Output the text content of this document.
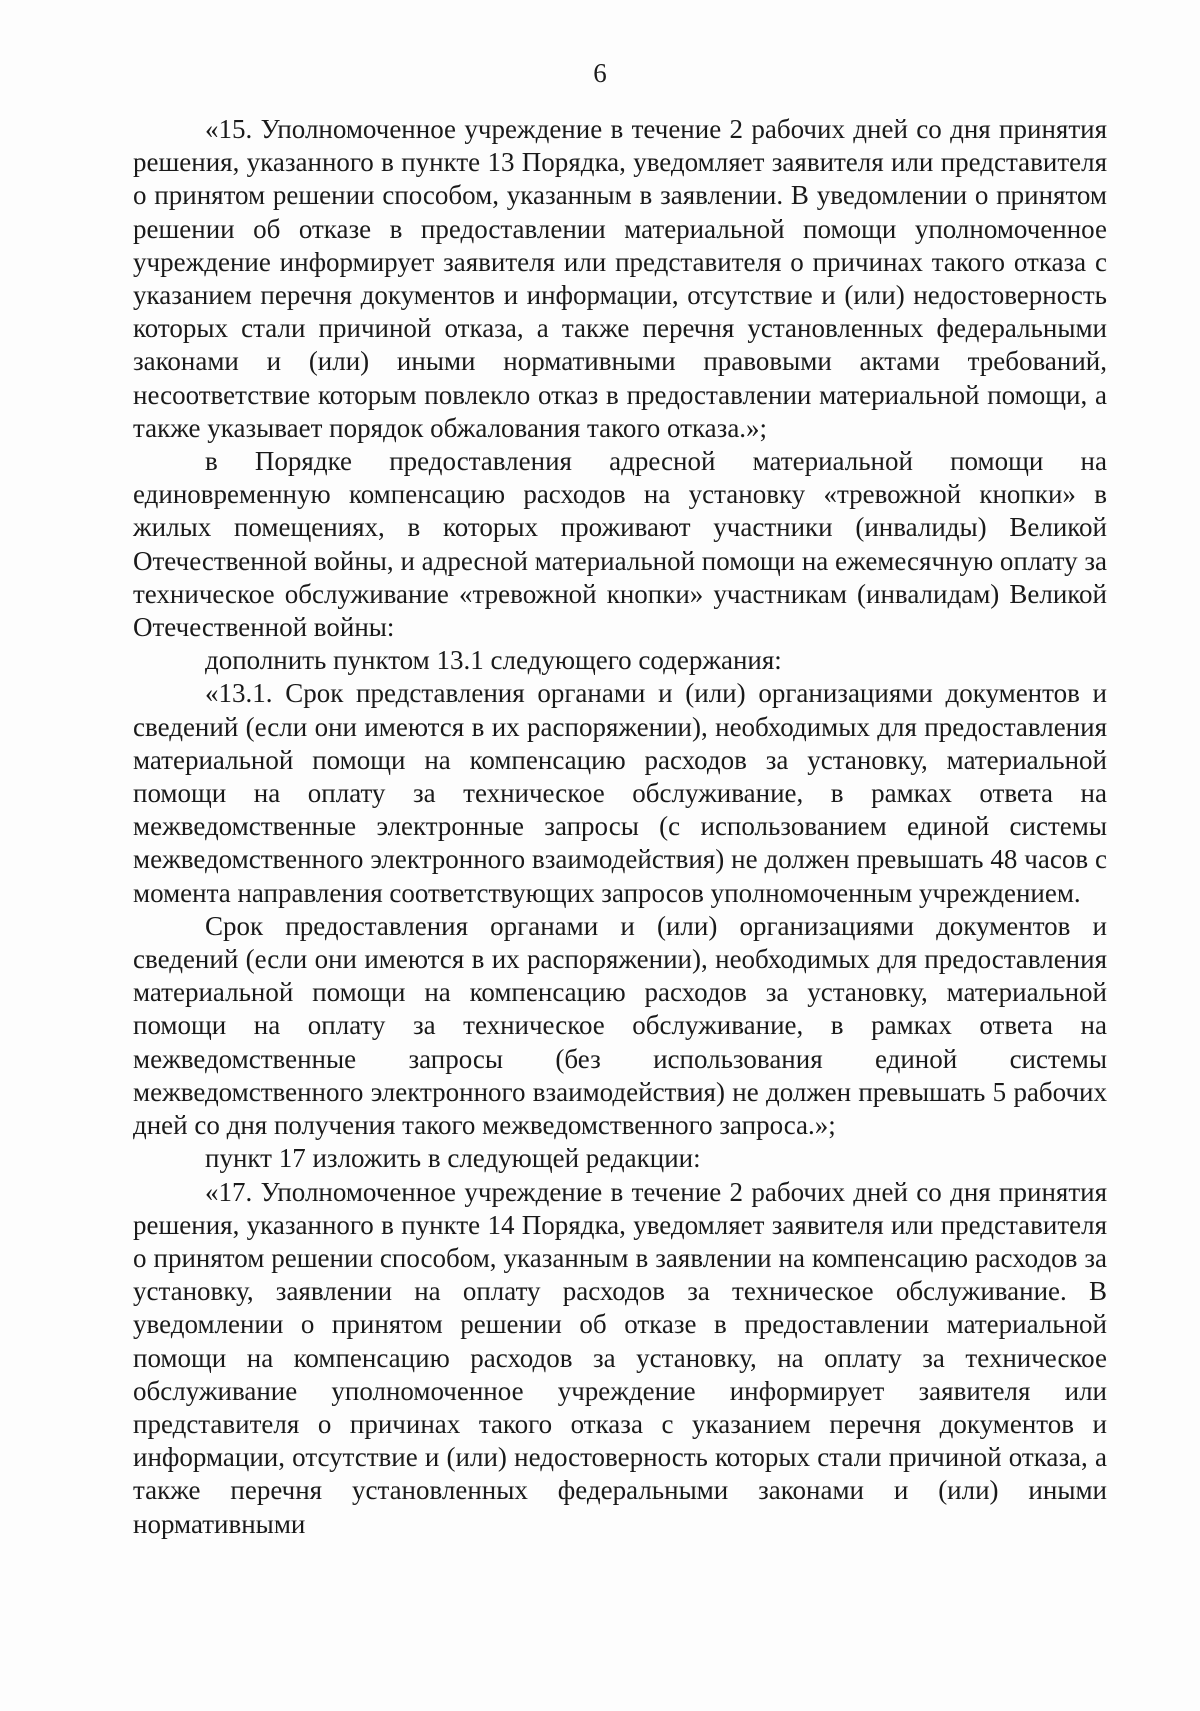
6

«15. Уполномоченное учреждение в течение 2 рабочих дней со дня принятия решения, указанного в пункте 13 Порядка, уведомляет заявителя или представителя о принятом решении способом, указанным в заявлении. В уведомлении о принятом решении об отказе в предоставлении материальной помощи уполномоченное учреждение информирует заявителя или представителя о причинах такого отказа с указанием перечня документов и информации, отсутствие и (или) недостоверность которых стали причиной отказа, а также перечня установленных федеральными законами и (или) иными нормативными правовыми актами требований, несоответствие которым повлекло отказ в предоставлении материальной помощи, а также указывает порядок обжалования такого отказа.»;

в Порядке предоставления адресной материальной помощи на единовременную компенсацию расходов на установку «тревожной кнопки» в жилых помещениях, в которых проживают участники (инвалиды) Великой Отечественной войны, и адресной материальной помощи на ежемесячную оплату за техническое обслуживание «тревожной кнопки» участникам (инвалидам) Великой Отечественной войны:

дополнить пунктом 13.1 следующего содержания:

«13.1. Срок представления органами и (или) организациями документов и сведений (если они имеются в их распоряжении), необходимых для предоставления материальной помощи на компенсацию расходов за установку, материальной помощи на оплату за техническое обслуживание, в рамках ответа на межведомственные электронные запросы (с использованием единой системы межведомственного электронного взаимодействия) не должен превышать 48 часов с момента направления соответствующих запросов уполномоченным учреждением.

Срок предоставления органами и (или) организациями документов и сведений (если они имеются в их распоряжении), необходимых для предоставления материальной помощи на компенсацию расходов за установку, материальной помощи на оплату за техническое обслуживание, в рамках ответа на межведомственные запросы (без использования единой системы межведомственного электронного взаимодействия) не должен превышать 5 рабочих дней со дня получения такого межведомственного запроса.»;

пункт 17 изложить в следующей редакции:

«17. Уполномоченное учреждение в течение 2 рабочих дней со дня принятия решения, указанного в пункте 14 Порядка, уведомляет заявителя или представителя о принятом решении способом, указанным в заявлении на компенсацию расходов за установку, заявлении на оплату расходов за техническое обслуживание. В уведомлении о принятом решении об отказе в предоставлении материальной помощи на компенсацию расходов за установку, на оплату за техническое обслуживание уполномоченное учреждение информирует заявителя или представителя о причинах такого отказа с указанием перечня документов и информации, отсутствие и (или) недостоверность которых стали причиной отказа, а также перечня установленных федеральными законами и (или) иными нормативными
